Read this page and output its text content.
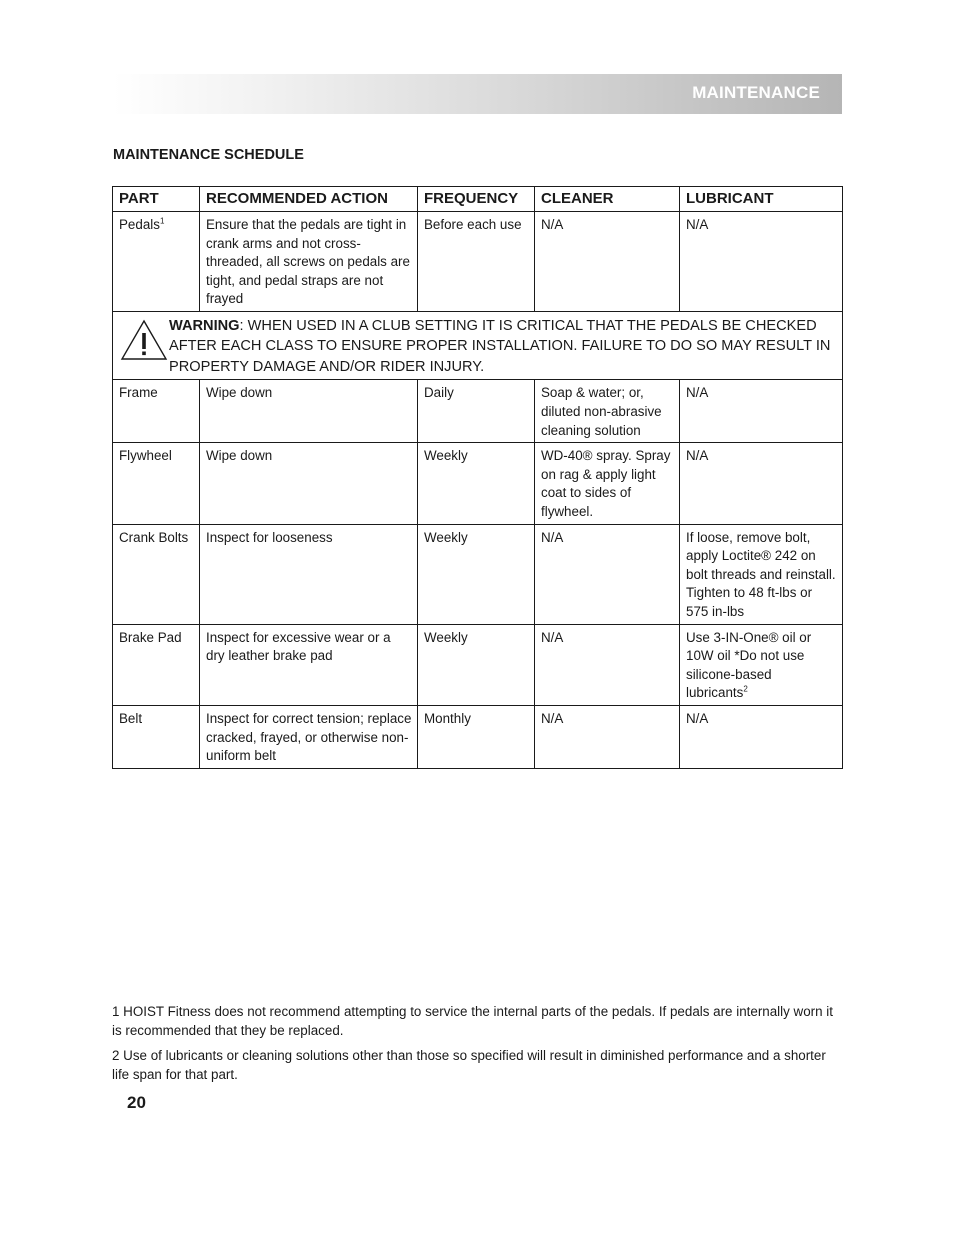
MAINTENANCE
MAINTENANCE SCHEDULE
PART	RECOMMENDED ACTION	FREQUENCY	CLEANER	LUBRICANT
Pedals$^1$	Ensure that the pedals are tight in crank arms and not cross-threaded, all screws on pedals are tight, and pedal straps are not frayed	Before each use	N/A	N/A

WARNING: WHEN USED IN A CLUB SETTING IT IS CRITICAL THAT THE PEDALS BE CHECKED AFTER EACH CLASS TO ENSURE PROPER INSTALLATION. FAILURE TO DO SO MAY RESULT IN PROPERTY DAMAGE AND/OR RIDER INJURY.				

Frame	Wipe down	Daily	Soap & water; or, diluted non-abrasive cleaning solution	N/A
Flywheel	Wipe down	Weekly	WD-40® spray. Spray on rag & apply light coat to sides of flywheel.	N/A
Crank Bolts	Inspect for looseness	Weekly	N/A	If loose, remove bolt, apply Loctite® 242 on bolt threads and reinstall. Tighten to 48 ft-lbs or 575 in-lbs
Brake Pad	Inspect for excessive wear or a dry leather brake pad	Weekly	N/A	Use 3-IN-One® oil or 10W oil *Do not use silicone-based lubricants$^2$
Belt	Inspect for correct tension; replace cracked, frayed, or otherwise non-uniform belt	Monthly	N/A	N/A

1 HOIST Fitness does not recommend attempting to service the internal parts of the pedals. If pedals are internally worn it is recommended that they be replaced.

2 Use of lubricants or cleaning solutions other than those so specified will result in diminished performance and a shorter life span for that part.

20
